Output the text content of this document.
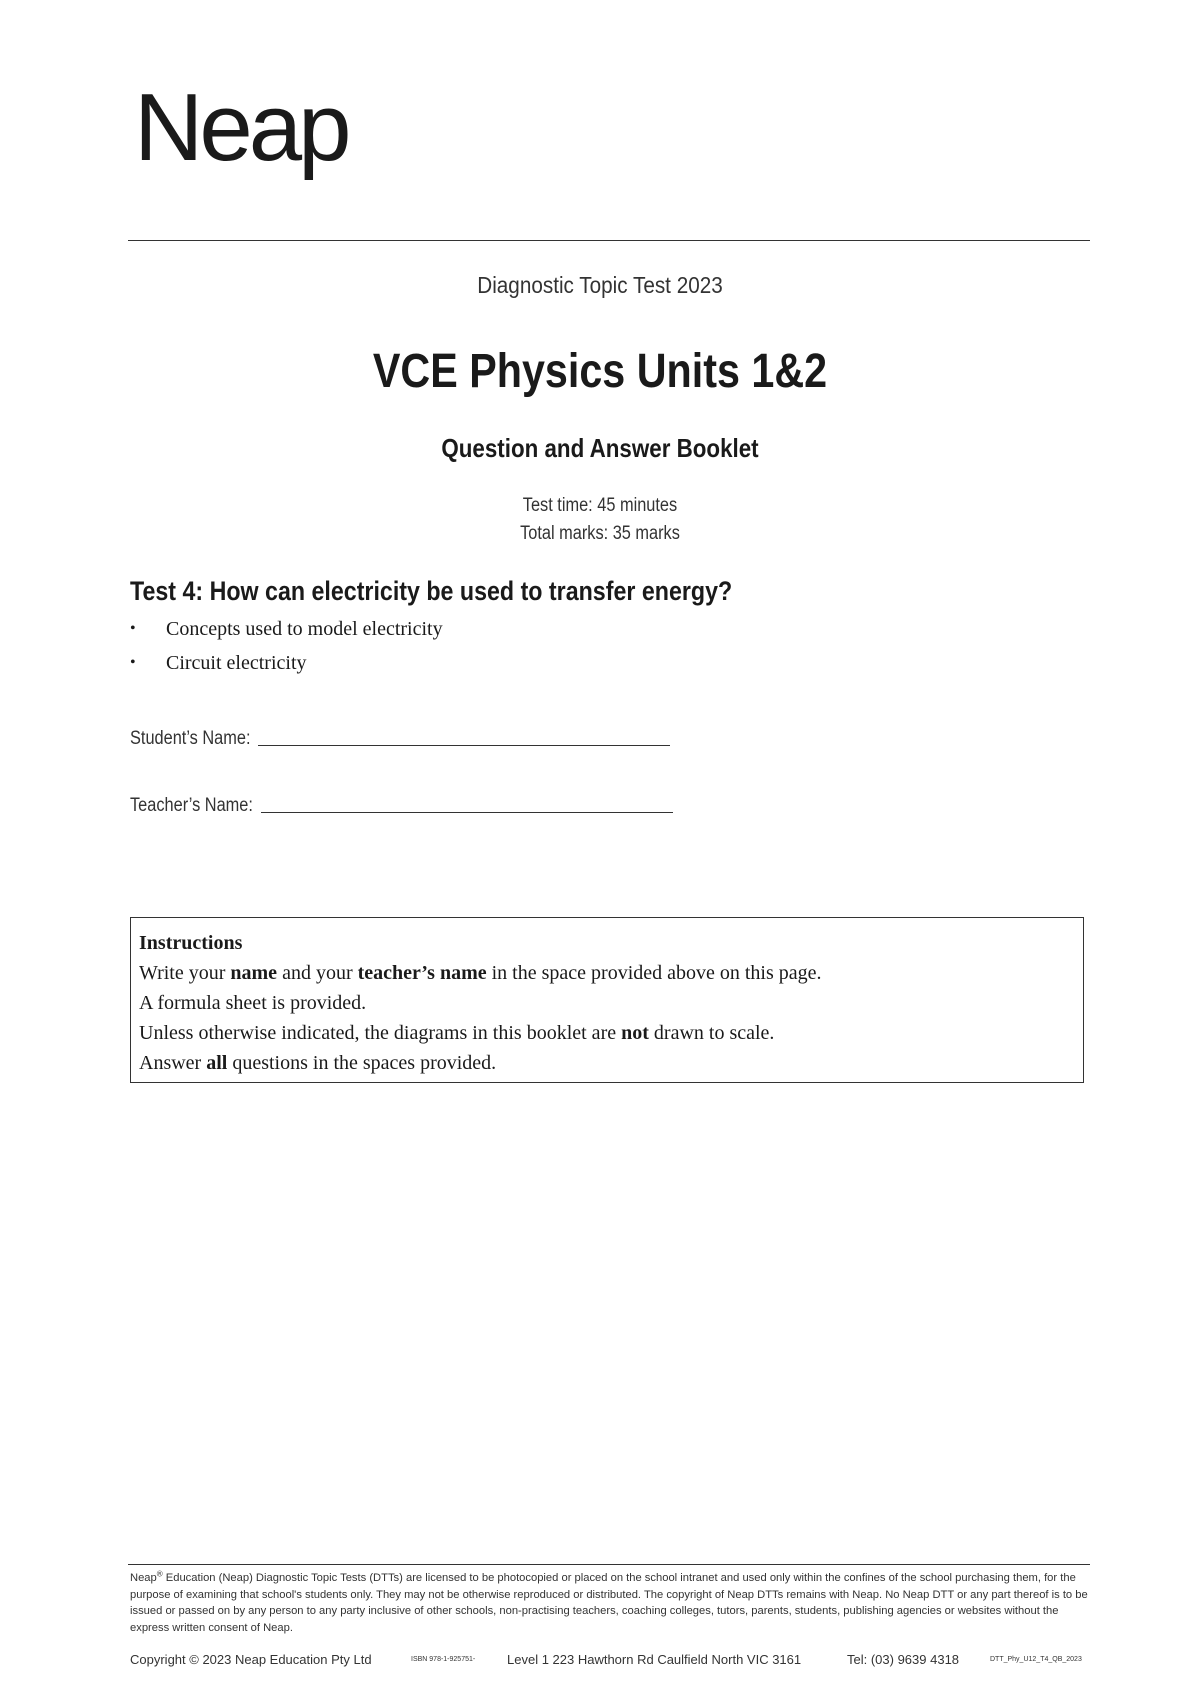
Neap
Diagnostic Topic Test 2023
VCE Physics Units 1&2
Question and Answer Booklet
Test time: 45 minutes
Total marks: 35 marks
Test 4: How can electricity be used to transfer energy?
• Concepts used to model electricity
• Circuit electricity
Student’s Name:
Teacher’s Name:
Instructions
Write your name and your teacher’s name in the space provided above on this page.
A formula sheet is provided.
Unless otherwise indicated, the diagrams in this booklet are not drawn to scale.
Answer all questions in the spaces provided.
Neap® Education (Neap) Diagnostic Topic Tests (DTTs) are licensed to be photocopied or placed on the school intranet and used only within the confines of the school purchasing them, for the purpose of examining that school's students only. They may not be otherwise reproduced or distributed. The copyright of Neap DTTs remains with Neap. No Neap DTT or any part thereof is to be issued or passed on by any person to any party inclusive of other schools, non-practising teachers, coaching colleges, tutors, parents, students, publishing agencies or websites without the express written consent of Neap.
Copyright © 2023 Neap Education Pty Ltd	ISBN 978-1-925751- Level 1 223 Hawthorn Rd Caulfield North VIC 3161	Tel: (03) 9639 4318	DTT_Phy_U12_T4_QB_2023
